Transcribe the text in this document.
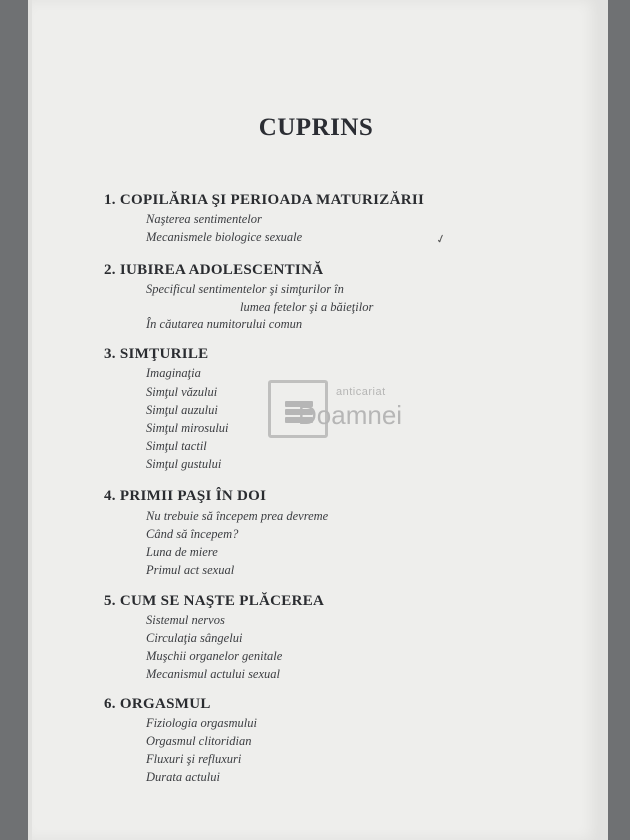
CUPRINS
1. COPILĂRIA ŞI PERIOADA MATURIZĂRII
Naşterea sentimentelor
Mecanismele biologice sexuale
2. IUBIREA ADOLESCENTINĂ
Specificul sentimentelor şi simţurilor în
lumea fetelor şi a băieţilor
În căutarea numitorului comun
3. SIMŢURILE
Imaginaţia
Simţul văzului
Simţul auzului
Simţul mirosului
Simţul tactil
Simţul gustului
4. PRIMII PAŞI ÎN DOI
Nu trebuie să începem prea devreme
Când să începem?
Luna de miere
Primul act sexual
5. CUM SE NAŞTE PLĂCEREA
Sistemul nervos
Circulaţia sângelui
Muşchii organelor genitale
Mecanismul actului sexual
6. ORGASMUL
Fiziologia orgasmului
Orgasmul clitoridian
Fluxuri şi refluxuri
Durata actului
✓
anticariat
Doamnei
